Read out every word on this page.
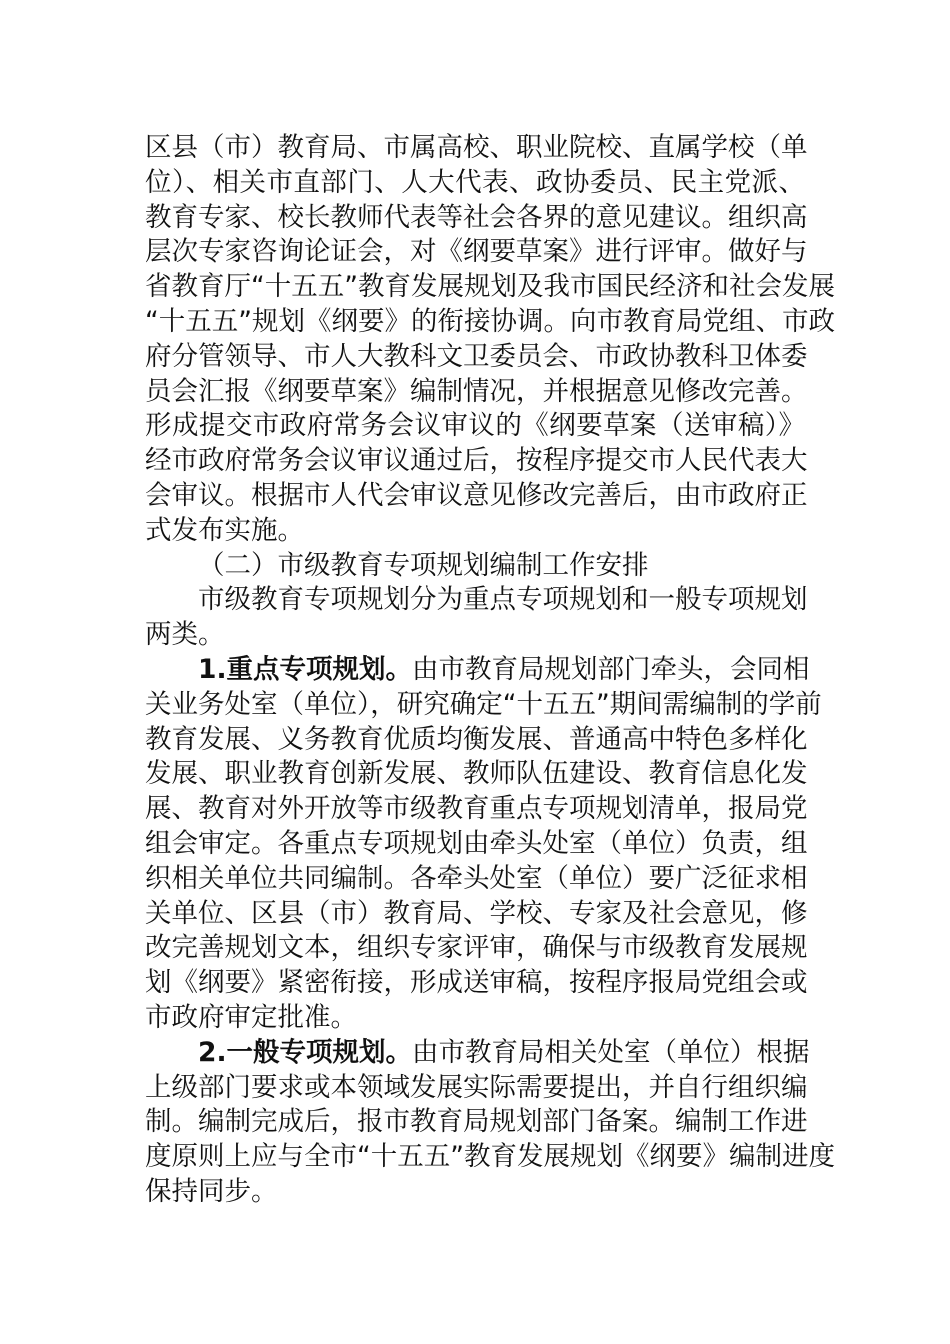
区县（市）教育局、市属高校、职业院校、直属学校（单
位）、相关市直部门、人大代表、政协委员、民主党派、
教育专家、校长教师代表等社会各界的意见建议。组织高
层次专家咨询论证会，对《纲要草案》进行评审。做好与
省教育厅“十五五”教育发展规划及我市国民经济和社会发展
“十五五”规划《纲要》的衔接协调。向市教育局党组、市政
府分管领导、市人大教科文卫委员会、市政协教科卫体委
员会汇报《纲要草案》编制情况，并根据意见修改完善。
形成提交市政府常务会议审议的《纲要草案（送审稿）》
经市政府常务会议审议通过后，按程序提交市人民代表大
会审议。根据市人代会审议意见修改完善后，由市政府正
式发布实施。
（二）市级教育专项规划编制工作安排
市级教育专项规划分为重点专项规划和一般专项规划
两类。
1.重点专项规划。由市教育局规划部门牵头，会同相
关业务处室（单位），研究确定“十五五”期间需编制的学前
教育发展、义务教育优质均衡发展、普通高中特色多样化
发展、职业教育创新发展、教师队伍建设、教育信息化发
展、教育对外开放等市级教育重点专项规划清单，报局党
组会审定。各重点专项规划由牵头处室（单位）负责，组
织相关单位共同编制。各牵头处室（单位）要广泛征求相
关单位、区县（市）教育局、学校、专家及社会意见，修
改完善规划文本，组织专家评审，确保与市级教育发展规
划《纲要》紧密衔接，形成送审稿，按程序报局党组会或
市政府审定批准。
2.一般专项规划。由市教育局相关处室（单位）根据
上级部门要求或本领域发展实际需要提出，并自行组织编
制。编制完成后，报市教育局规划部门备案。编制工作进
度原则上应与全市“十五五”教育发展规划《纲要》编制进度
保持同步。
